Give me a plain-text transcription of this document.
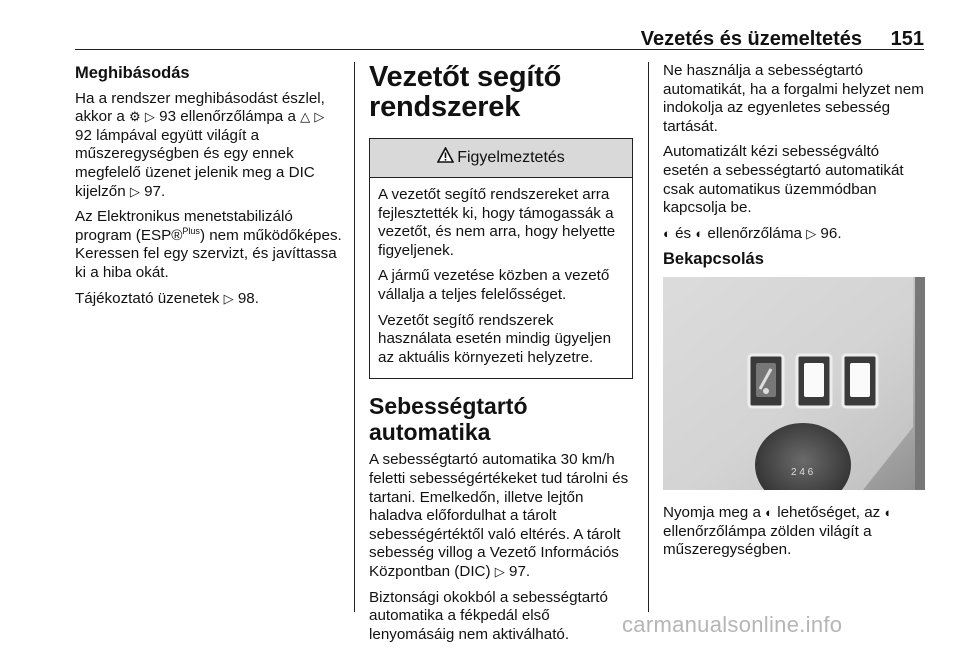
Vezetés és üzemeltetés 151
Meghibásodás

Ha a rendszer meghibásodást észlel, akkor a ⚙ ▷ 93 ellenőrzőlámpa a △ ▷ 92 lámpával együtt világít a műszeregységben és egy ennek megfelelő üzenet jelenik meg a DIC kijelzőn ▷ 97.

Az Elektronikus menetstabilizáló program (ESP®$^{Plus}$) nem működőképes. Keressen fel egy szervizt, és javíttassa ki a hiba okát.

Tájékoztató üzenetek ▷ 98.

Vezetőt segítő rendszerek
Figyelmeztetés

A vezetőt segítő rendszereket arra fejlesztették ki, hogy támogassák a vezetőt, és nem arra, hogy helyette figyeljenek.

A jármű vezetése közben a vezető vállalja a teljes felelősséget.

Vezetőt segítő rendszerek használata esetén mindig ügyeljen az aktuális környezeti helyzetre.

Sebességtartó automatika

A sebességtartó automatika 30 km/h feletti sebességértékeket tud tárolni és tartani. Emelkedőn, illetve lejtőn haladva előfordulhat a tárolt sebességértéktől való eltérés. A tárolt sebesség villog a Vezető Információs Központban (DIC) ▷ 97.

Biztonsági okokból a sebességtartó automatika a fékpedál első lenyomásáig nem aktiválható.

Ne használja a sebességtartó automatikát, ha a forgalmi helyzet nem indokolja az egyenletes sebesség tartását.

Automatizált kézi sebességváltó esetén a sebességtartó automatikát csak automatikus üzemmódban kapcsolja be.

◐ és ◐ ellenőrzőláma ▷ 96.

Bekapcsolás
2 4 6

Nyomja meg a ◐ lehetőséget, az ◐ ellenőrzőlámpa zölden világít a műszeregységben.

carmanualsonline.info
